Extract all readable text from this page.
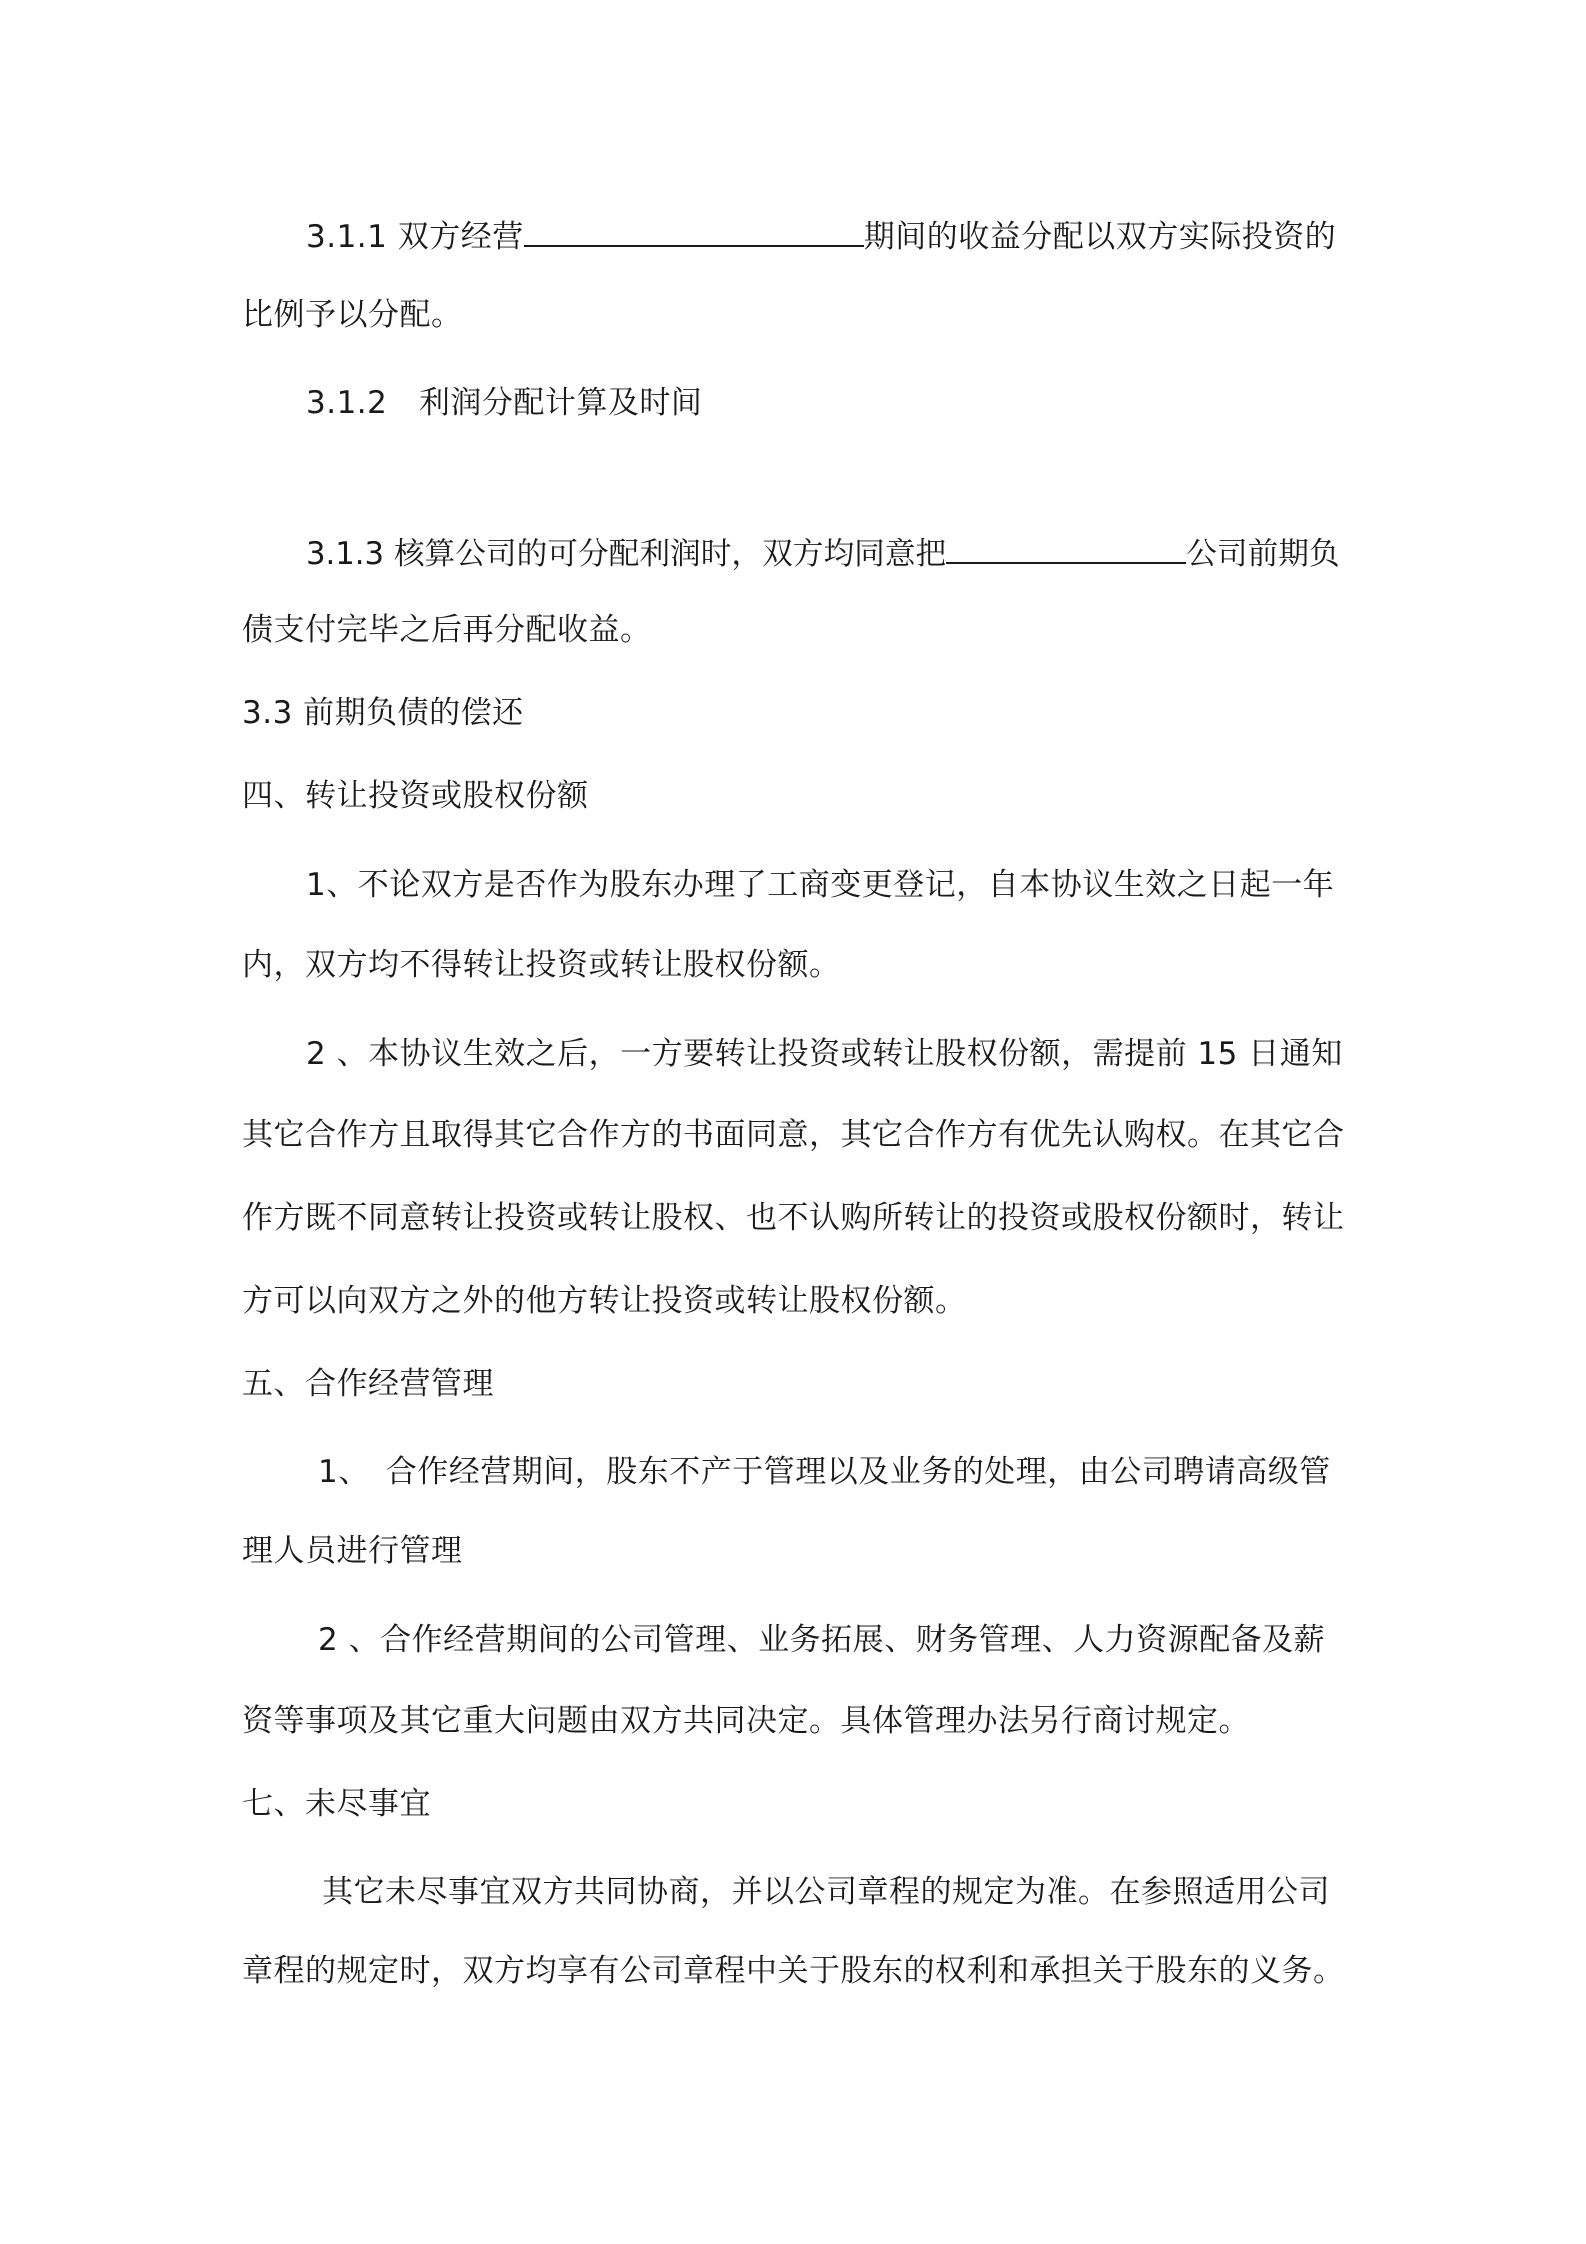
3.1.1 双方经营	期间的收益分配以双方实际投资的
比例予以分配。
3.1.2　利润分配计算及时间
3.1.3 核算公司的可分配利润时，双方均同意把	公司前期负
债支付完毕之后再分配收益。
3.3 前期负债的偿还
四、转让投资或股权份额
1、不论双方是否作为股东办理了工商变更登记，自本协议生效之日起一年
内，双方均不得转让投资或转让股权份额。
2 、本协议生效之后，一方要转让投资或转让股权份额，需提前 15 日通知
其它合作方且取得其它合作方的书面同意，其它合作方有优先认购权。在其它合
作方既不同意转让投资或转让股权、也不认购所转让的投资或股权份额时，转让
方可以向双方之外的他方转让投资或转让股权份额。
五、合作经营管理
1、　合作经营期间，股东不产于管理以及业务的处理，由公司聘请高级管
理人员进行管理
2 、合作经营期间的公司管理、业务拓展、财务管理、人力资源配备及薪
资等事项及其它重大问题由双方共同决定。具体管理办法另行商讨规定。
七、未尽事宜
其它未尽事宜双方共同协商，并以公司章程的规定为准。在参照适用公司
章程的规定时，双方均享有公司章程中关于股东的权利和承担关于股东的义务。
